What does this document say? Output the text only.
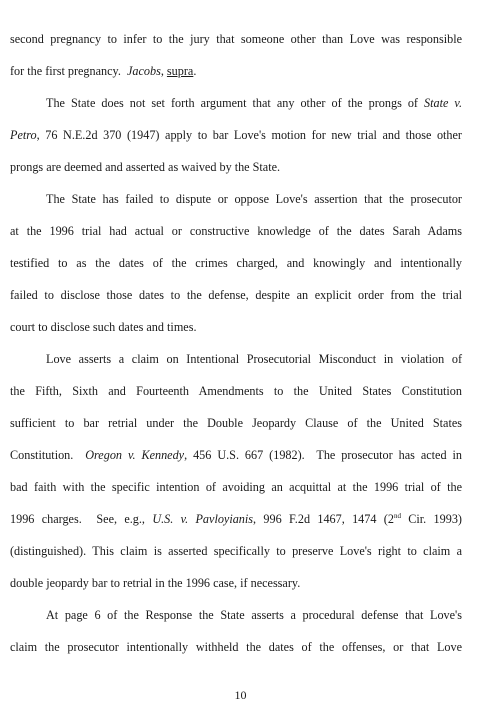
second pregnancy to infer to the jury that someone other than Love was responsible
for the first pregnancy.  Jacobs, supra.
The State does not set forth argument that any other of the prongs of State v.
Petro, 76 N.E.2d 370 (1947) apply to bar Love's motion for new trial and those other
prongs are deemed and asserted as waived by the State.
The State has failed to dispute or oppose Love's assertion that the prosecutor
at the 1996 trial had actual or constructive knowledge of the dates Sarah Adams
testified to as the dates of the crimes charged, and knowingly and intentionally
failed to disclose those dates to the defense, despite an explicit order from the trial
court to disclose such dates and times.
Love asserts a claim on Intentional Prosecutorial Misconduct in violation of
the Fifth, Sixth and Fourteenth Amendments to the United States Constitution
sufficient to bar retrial under the Double Jeopardy Clause of the United States
Constitution.  Oregon v. Kennedy, 456 U.S. 667 (1982).  The prosecutor has acted in
bad faith with the specific intention of avoiding an acquittal at the 1996 trial of the
1996 charges.  See, e.g., U.S. v. Pavloyianis, 996 F.2d 1467, 1474 (2nd Cir. 1993)
(distinguished). This claim is asserted specifically to preserve Love's right to claim a
double jeopardy bar to retrial in the 1996 case, if necessary.
At page 6 of the Response the State asserts a procedural defense that Love's
claim the prosecutor intentionally withheld the dates of the offenses, or that Love
10
